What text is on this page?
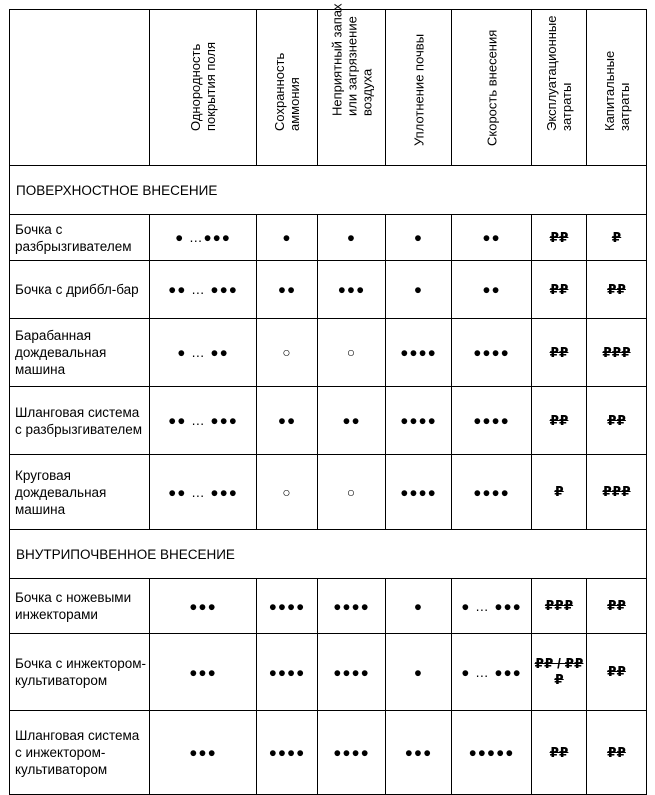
	Однородность
покрытия поля	Сохранность
аммония	Неприятный запах
или загрязнение
воздуха	Уплотнение почвы	Скорость внесения	Эксплуатационные
затраты	Капитальные
затраты

ПОВЕРХНОСТНОЕ ВНЕСЕНИЕ							
Бочка с разбрызгивателем	● …●●●	●	●	●	●●	₽₽	₽
Бочка с дриббл-бар	●● … ●●●	●●	●●●	●	●●	₽₽	₽₽
Барабанная дождевальная машина	● … ●●	○	○	●●●●	●●●●	₽₽	₽₽₽
Шланговая система с разбрызгивателем	●● … ●●●	●●	●●	●●●●	●●●●	₽₽	₽₽
Круговая дождевальная машина	●● … ●●●	○	○	●●●●	●●●●	₽	₽₽₽
ВНУТРИПОЧВЕННОЕ ВНЕСЕНИЕ							
Бочка с ножевыми инжекторами	●●●	●●●●	●●●●	●	● … ●●●	₽₽₽	₽₽
Бочка с инжектором-культиватором	●●●	●●●●	●●●●	●	● … ●●●	₽₽ / ₽₽₽	₽₽
Шланговая система с инжектором-культиватором	●●●	●●●●	●●●●	●●●	●●●●●	₽₽	₽₽
